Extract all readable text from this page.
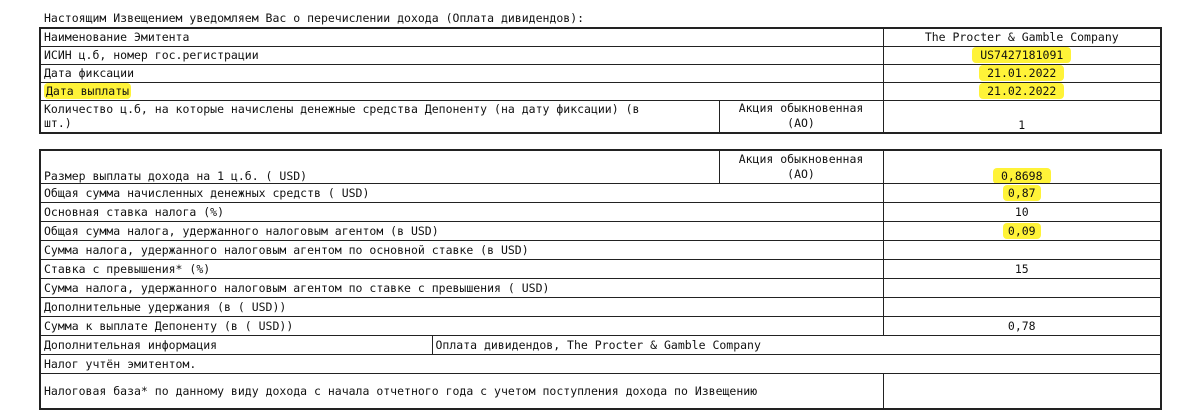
Настоящим Извещением уведомляем Вас о перечислении дохода (Оплата дивидендов):
Наименование Эмитента		The Procter & Gamble Company
ИСИН ц.б, номер гос.регистрации		US7427181091
Дата фиксации		21.01.2022
Дата выплаты		21.02.2022
Количество ц.б, на которые начислены денежные средства Депоненту (на дату фиксации) (в шт.)	Акция обыкновенная (АО)	1
Размер выплаты дохода на 1 ц.б. ( USD)		Акция обыкновенная (АО)	0,8698
Общая сумма начисленных денежных средств ( USD)			0,87
Основная ставка налога (%)			10
Общая сумма налога, удержанного налоговым агентом (в USD)			0,09
Сумма налога, удержанного налоговым агентом по основной ставке (в USD)			
Ставка с превышения* (%)			15
Сумма налога, удержанного налоговым агентом по ставке с превышения ( USD)			
Дополнительные удержания (в ( USD))			
Сумма к выплате Депоненту (в ( USD))			0,78
Дополнительная информация	Оплата дивидендов, The Procter & Gamble Company		
Налог учтён эмитентом.			
Налоговая база* по данному виду дохода с начала отчетного года с учетом поступления дохода по Извещению			
